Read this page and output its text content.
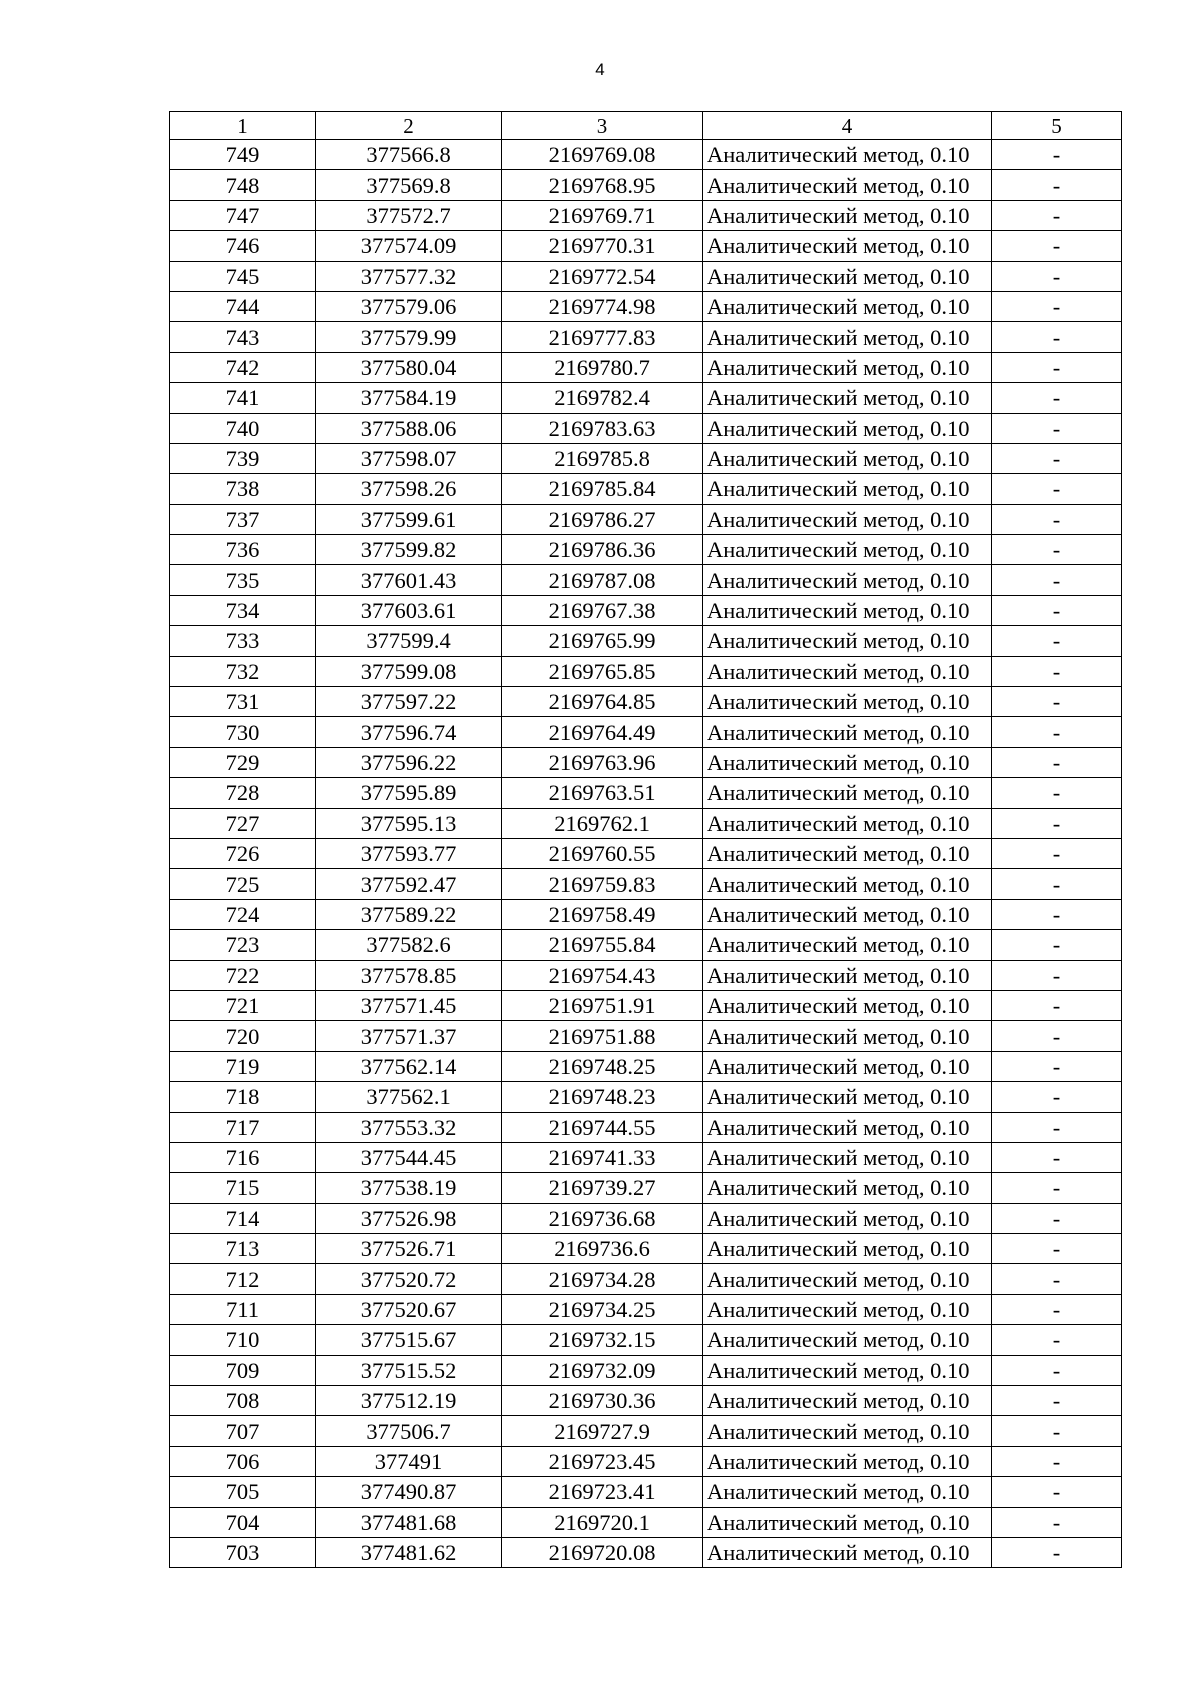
4
1	2	3	4	5
749	377566.8	2169769.08	Аналитический метод, 0.10	-
748	377569.8	2169768.95	Аналитический метод, 0.10	-
747	377572.7	2169769.71	Аналитический метод, 0.10	-
746	377574.09	2169770.31	Аналитический метод, 0.10	-
745	377577.32	2169772.54	Аналитический метод, 0.10	-
744	377579.06	2169774.98	Аналитический метод, 0.10	-
743	377579.99	2169777.83	Аналитический метод, 0.10	-
742	377580.04	2169780.7	Аналитический метод, 0.10	-
741	377584.19	2169782.4	Аналитический метод, 0.10	-
740	377588.06	2169783.63	Аналитический метод, 0.10	-
739	377598.07	2169785.8	Аналитический метод, 0.10	-
738	377598.26	2169785.84	Аналитический метод, 0.10	-
737	377599.61	2169786.27	Аналитический метод, 0.10	-
736	377599.82	2169786.36	Аналитический метод, 0.10	-
735	377601.43	2169787.08	Аналитический метод, 0.10	-
734	377603.61	2169767.38	Аналитический метод, 0.10	-
733	377599.4	2169765.99	Аналитический метод, 0.10	-
732	377599.08	2169765.85	Аналитический метод, 0.10	-
731	377597.22	2169764.85	Аналитический метод, 0.10	-
730	377596.74	2169764.49	Аналитический метод, 0.10	-
729	377596.22	2169763.96	Аналитический метод, 0.10	-
728	377595.89	2169763.51	Аналитический метод, 0.10	-
727	377595.13	2169762.1	Аналитический метод, 0.10	-
726	377593.77	2169760.55	Аналитический метод, 0.10	-
725	377592.47	2169759.83	Аналитический метод, 0.10	-
724	377589.22	2169758.49	Аналитический метод, 0.10	-
723	377582.6	2169755.84	Аналитический метод, 0.10	-
722	377578.85	2169754.43	Аналитический метод, 0.10	-
721	377571.45	2169751.91	Аналитический метод, 0.10	-
720	377571.37	2169751.88	Аналитический метод, 0.10	-
719	377562.14	2169748.25	Аналитический метод, 0.10	-
718	377562.1	2169748.23	Аналитический метод, 0.10	-
717	377553.32	2169744.55	Аналитический метод, 0.10	-
716	377544.45	2169741.33	Аналитический метод, 0.10	-
715	377538.19	2169739.27	Аналитический метод, 0.10	-
714	377526.98	2169736.68	Аналитический метод, 0.10	-
713	377526.71	2169736.6	Аналитический метод, 0.10	-
712	377520.72	2169734.28	Аналитический метод, 0.10	-
711	377520.67	2169734.25	Аналитический метод, 0.10	-
710	377515.67	2169732.15	Аналитический метод, 0.10	-
709	377515.52	2169732.09	Аналитический метод, 0.10	-
708	377512.19	2169730.36	Аналитический метод, 0.10	-
707	377506.7	2169727.9	Аналитический метод, 0.10	-
706	377491	2169723.45	Аналитический метод, 0.10	-
705	377490.87	2169723.41	Аналитический метод, 0.10	-
704	377481.68	2169720.1	Аналитический метод, 0.10	-
703	377481.62	2169720.08	Аналитический метод, 0.10	-
